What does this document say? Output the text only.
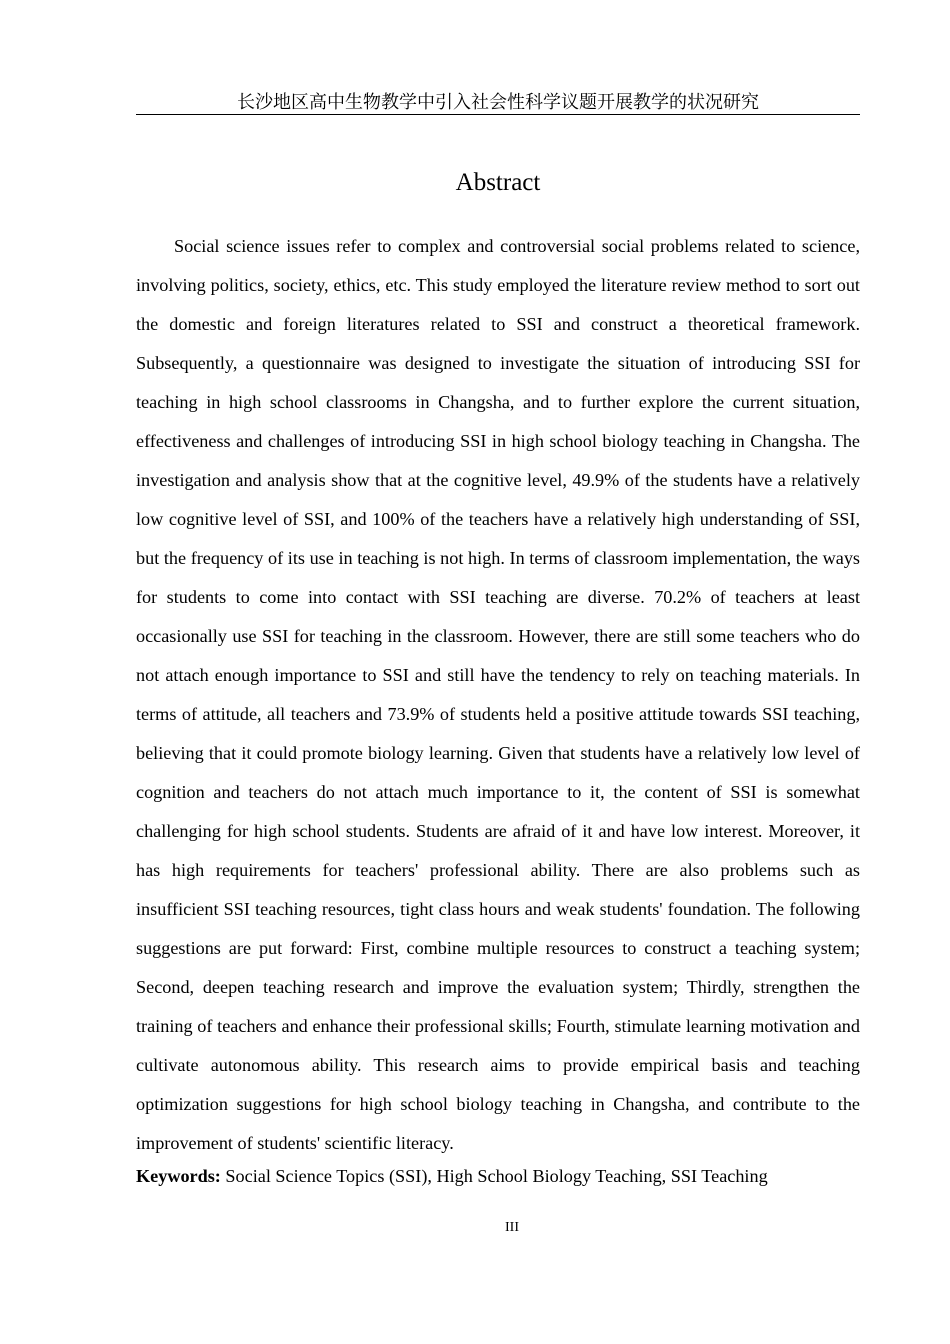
长沙地区高中生物教学中引入社会性科学议题开展教学的状况研究
Abstract

Social science issues refer to complex and controversial social problems related to science, involving politics, society, ethics, etc. This study employed the literature review method to sort out the domestic and foreign literatures related to SSI and construct a theoretical framework. Subsequently, a questionnaire was designed to investigate the situation of introducing SSI for teaching in high school classrooms in Changsha, and to further explore the current situation, effectiveness and challenges of introducing SSI in high school biology teaching in Changsha. The investigation and analysis show that at the cognitive level, 49.9% of the students have a relatively low cognitive level of SSI, and 100% of the teachers have a relatively high understanding of SSI, but the frequency of its use in teaching is not high. In terms of classroom implementation, the ways for students to come into contact with SSI teaching are diverse. 70.2% of teachers at least occasionally use SSI for teaching in the classroom. However, there are still some teachers who do not attach enough importance to SSI and still have the tendency to rely on teaching materials. In terms of attitude, all teachers and 73.9% of students held a positive attitude towards SSI teaching, believing that it could promote biology learning. Given that students have a relatively low level of cognition and teachers do not attach much importance to it, the content of SSI is somewhat challenging for high school students. Students are afraid of it and have low interest. Moreover, it has high requirements for teachers' professional ability. There are also problems such as insufficient SSI teaching resources, tight class hours and weak students' foundation. The following suggestions are put forward: First, combine multiple resources to construct a teaching system; Second, deepen teaching research and improve the evaluation system; Thirdly, strengthen the training of teachers and enhance their professional skills; Fourth, stimulate learning motivation and cultivate autonomous ability. This research aims to provide empirical basis and teaching optimization suggestions for high school biology teaching in Changsha, and contribute to the improvement of students' scientific literacy.

Keywords: Social Science Topics (SSI), High School Biology Teaching, SSI Teaching
III
